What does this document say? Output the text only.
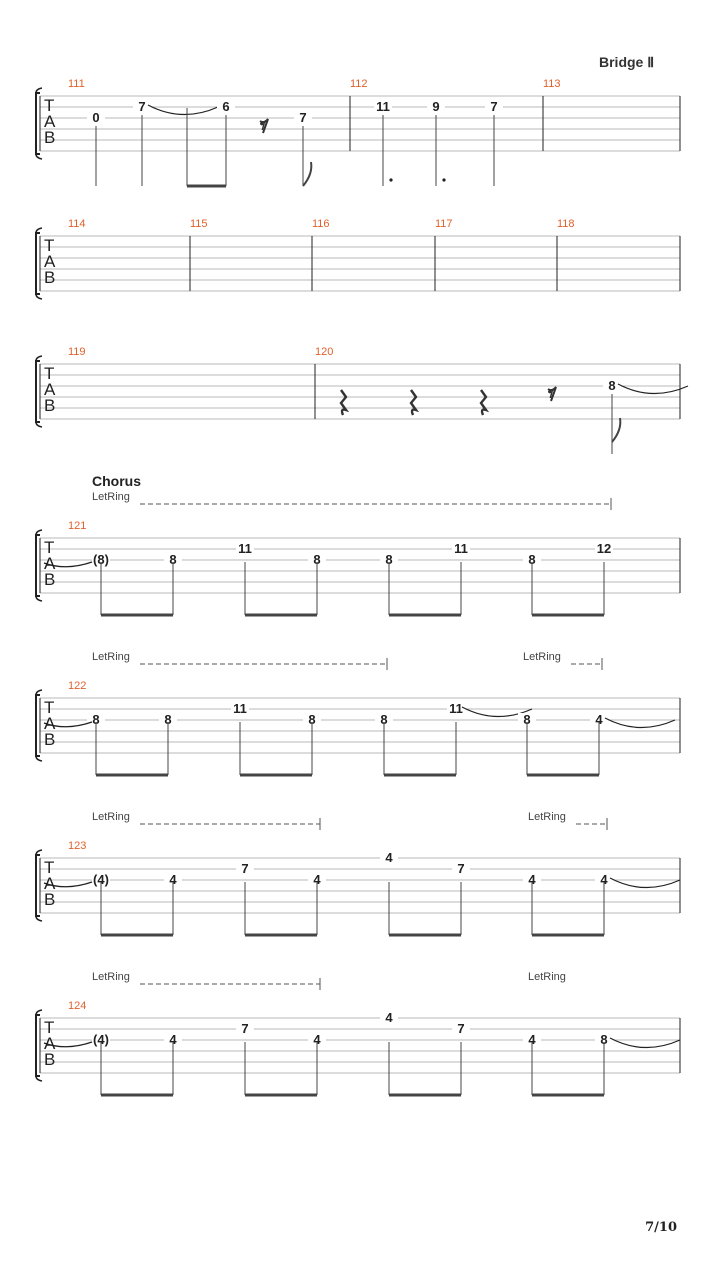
Bridge Ⅱ
T
A
B
111
0
7	6
𝄾	7
112
11	9	7
113
T
A
B
114	115	116	117	118
T
A
B
119	120
𝄾	8
T
A
B
Chorus
LetRing
121
(8)	8
11
8	8
11
8
12
T
A
B
LetRing	LetRing
122
8	8
11
8	8
11
8	4
T
A
B
LetRing	LetRing
123
(4)	4
7
4
4
7
4	4
T
A
B
LetRing	LetRing
124
(4)	4
7
4
4
7
4	8
7/10
